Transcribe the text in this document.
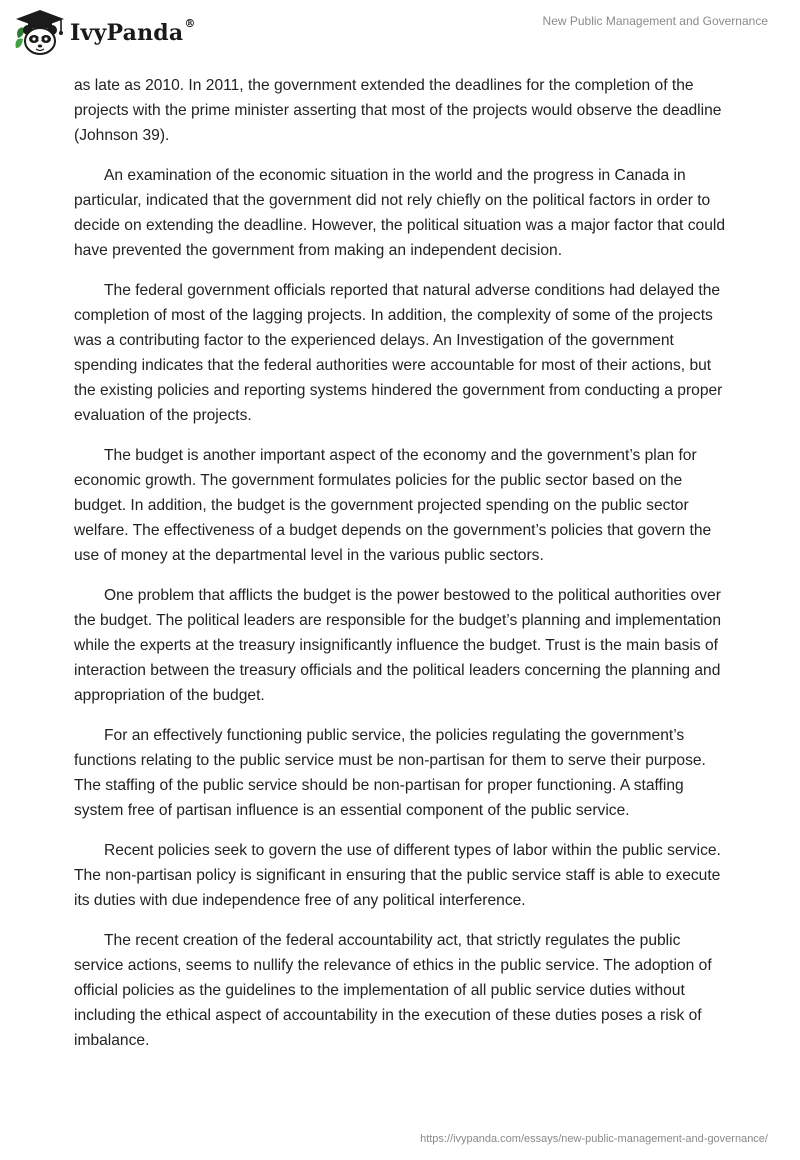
IvyPanda®	New Public Management and Governance

as late as 2010. In 2011, the government extended the deadlines for the completion of the projects with the prime minister asserting that most of the projects would observe the deadline (Johnson 39).

An examination of the economic situation in the world and the progress in Canada in particular, indicated that the government did not rely chiefly on the political factors in order to decide on extending the deadline. However, the political situation was a major factor that could have prevented the government from making an independent decision.

The federal government officials reported that natural adverse conditions had delayed the completion of most of the lagging projects. In addition, the complexity of some of the projects was a contributing factor to the experienced delays. An Investigation of the government spending indicates that the federal authorities were accountable for most of their actions, but the existing policies and reporting systems hindered the government from conducting a proper evaluation of the projects.

The budget is another important aspect of the economy and the government’s plan for economic growth. The government formulates policies for the public sector based on the budget. In addition, the budget is the government projected spending on the public sector welfare. The effectiveness of a budget depends on the government’s policies that govern the use of money at the departmental level in the various public sectors.

One problem that afflicts the budget is the power bestowed to the political authorities over the budget. The political leaders are responsible for the budget’s planning and implementation while the experts at the treasury insignificantly influence the budget. Trust is the main basis of interaction between the treasury officials and the political leaders concerning the planning and appropriation of the budget.

For an effectively functioning public service, the policies regulating the government’s functions relating to the public service must be non-partisan for them to serve their purpose. The staffing of the public service should be non-partisan for proper functioning. A staffing system free of partisan influence is an essential component of the public service.

Recent policies seek to govern the use of different types of labor within the public service. The non-partisan policy is significant in ensuring that the public service staff is able to execute its duties with due independence free of any political interference.

The recent creation of the federal accountability act, that strictly regulates the public service actions, seems to nullify the relevance of ethics in the public service. The adoption of official policies as the guidelines to the implementation of all public service duties without including the ethical aspect of accountability in the execution of these duties poses a risk of imbalance.

https://ivypanda.com/essays/new-public-management-and-governance/
